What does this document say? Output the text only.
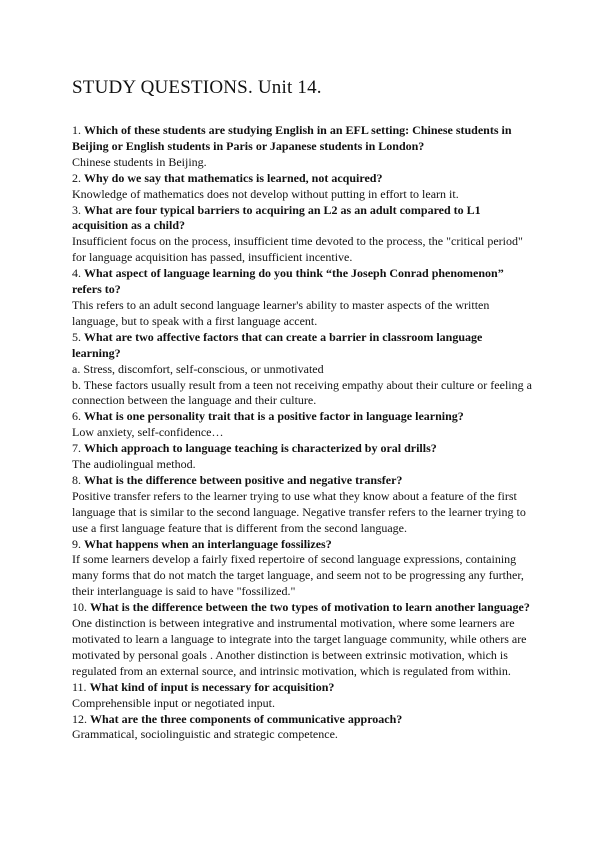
STUDY QUESTIONS. Unit 14.

1. Which of these students are studying English in an EFL setting: Chinese students in Beijing or English students in Paris or Japanese students in London?

Chinese students in Beijing.

2. Why do we say that mathematics is learned, not acquired?

Knowledge of mathematics does not develop without putting in effort to learn it.

3. What are four typical barriers to acquiring an L2 as an adult compared to L1 acquisition as a child?

Insufficient focus on the process, insufficient time devoted to the process, the "critical period" for language acquisition has passed, insufficient incentive.

4. What aspect of language learning do you think “the Joseph Conrad phenomenon” refers to?

This refers to an adult second language learner's ability to master aspects of the written language, but to speak with a first language accent.

5. What are two affective factors that can create a barrier in classroom language learning?

a. Stress, discomfort, self-conscious, or unmotivated

b. These factors usually result from a teen not receiving empathy about their culture or feeling a connection between the language and their culture.

6. What is one personality trait that is a positive factor in language learning?

Low anxiety, self-confidence…

7. Which approach to language teaching is characterized by oral drills?

The audiolingual method.

8. What is the difference between positive and negative transfer?

Positive transfer refers to the learner trying to use what they know about a feature of the first language that is similar to the second language. Negative transfer refers to the learner trying to use a first language feature that is different from the second language.

9. What happens when an interlanguage fossilizes?

If some learners develop a fairly fixed repertoire of second language expressions, containing many forms that do not match the target language, and seem not to be progressing any further, their interlanguage is said to have "fossilized."

10. What is the difference between the two types of motivation to learn another language?

One distinction is between integrative and instrumental motivation, where some learners are motivated to learn a language to integrate into the target language community, while others are motivated by personal goals . Another distinction is between extrinsic motivation, which is regulated from an external source, and intrinsic motivation, which is regulated from within.

11. What kind of input is necessary for acquisition?

Comprehensible input or negotiated input.

12. What are the three components of communicative approach?

Grammatical, sociolinguistic and strategic competence.
